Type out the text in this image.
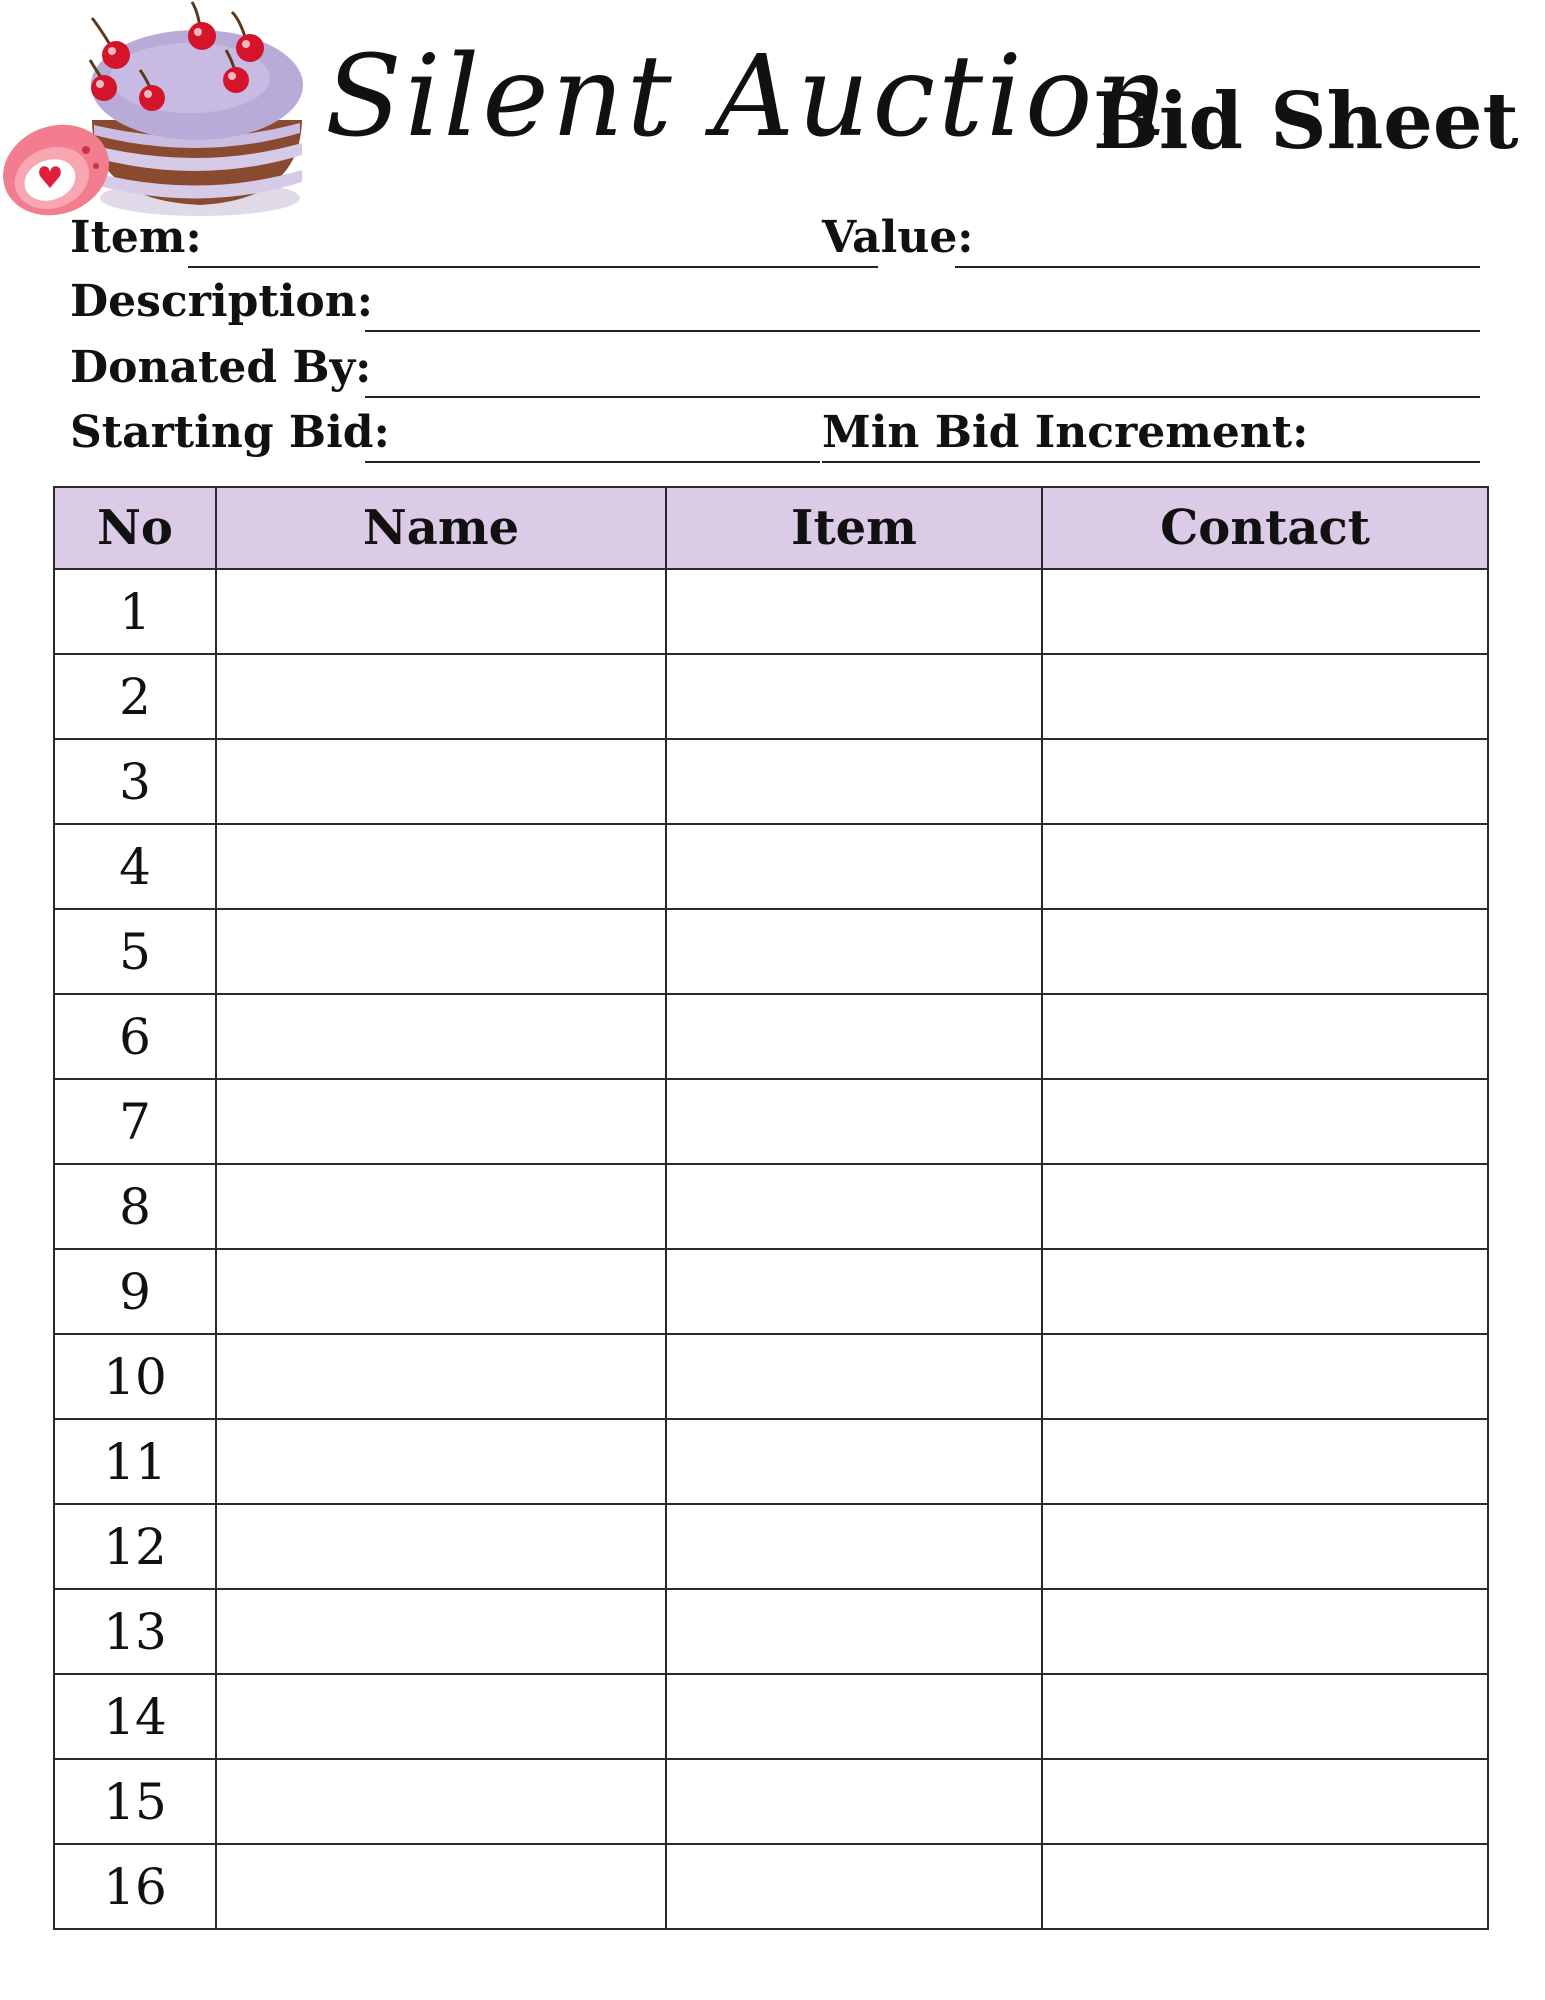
Silent Auction
Bid Sheet
Item:	Value:
Description:
Donated By:
Starting Bid:	Min Bid Increment:
No	Name	Item	Contact
1			
2			
3			
4			
5			
6			
7			
8			
9			
10			
11			
12			
13			
14			
15			
16			
